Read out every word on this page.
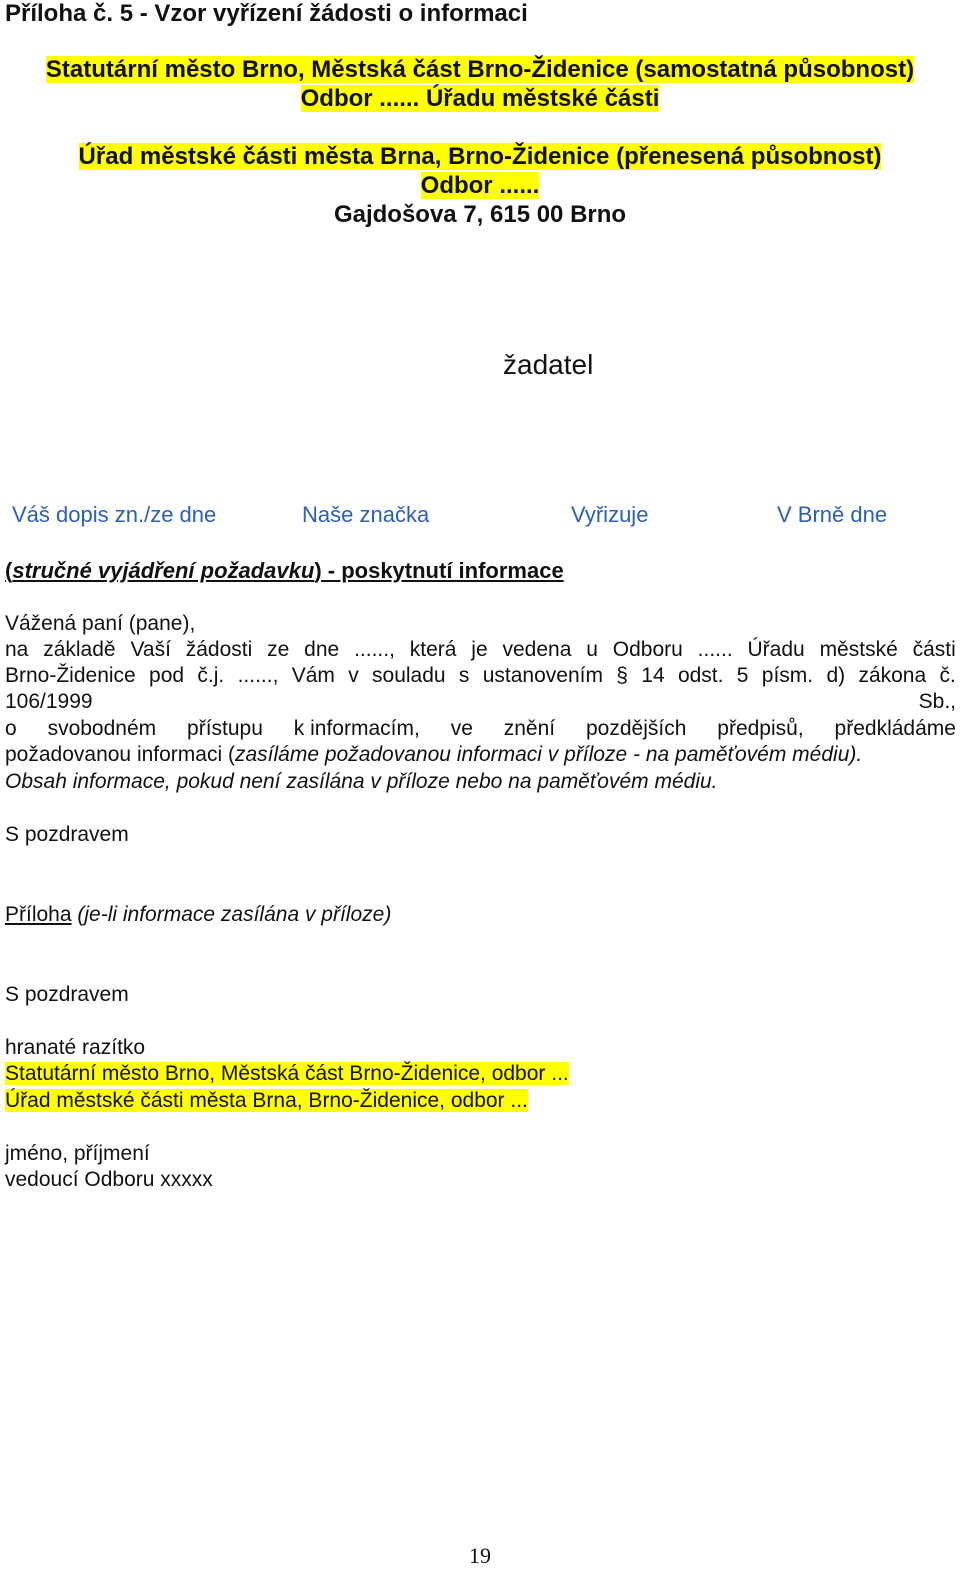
Příloha č. 5 - Vzor vyřízení žádosti o informaci
Statutární město Brno, Městská část Brno-Židenice (samostatná působnost)
Odbor ...... Úřadu městské části
Úřad městské části města Brna, Brno-Židenice (přenesená působnost)
Odbor ......
Gajdošova 7, 615 00 Brno
žadatel
Váš dopis zn./ze dne	Naše značka	Vyřizuje	V Brně dne
(stručné vyjádření požadavku) - poskytnutí informace
Vážená paní (pane),
na základě Vaší žádosti ze dne ......, která je vedena u Odboru ...... Úřadu městské části
Brno-Židenice pod č.j. ......, Vám v souladu s ustanovením § 14 odst. 5 písm. d) zákona č.
106/1999	Sb.,
o svobodném přístupu k informacím, ve znění pozdějších předpisů, předkládáme
požadovanou informaci (zasíláme požadovanou informaci v příloze - na paměťovém médiu).
Obsah informace, pokud není zasílána v příloze nebo na paměťovém médiu.
S pozdravem
Příloha (je-li informace zasílána v příloze)
S pozdravem
hranaté razítko
Statutární město Brno, Městská část Brno-Židenice, odbor ...
Úřad městské části města Brna, Brno-Židenice, odbor ...
jméno, příjmení
vedoucí Odboru xxxxx
19
